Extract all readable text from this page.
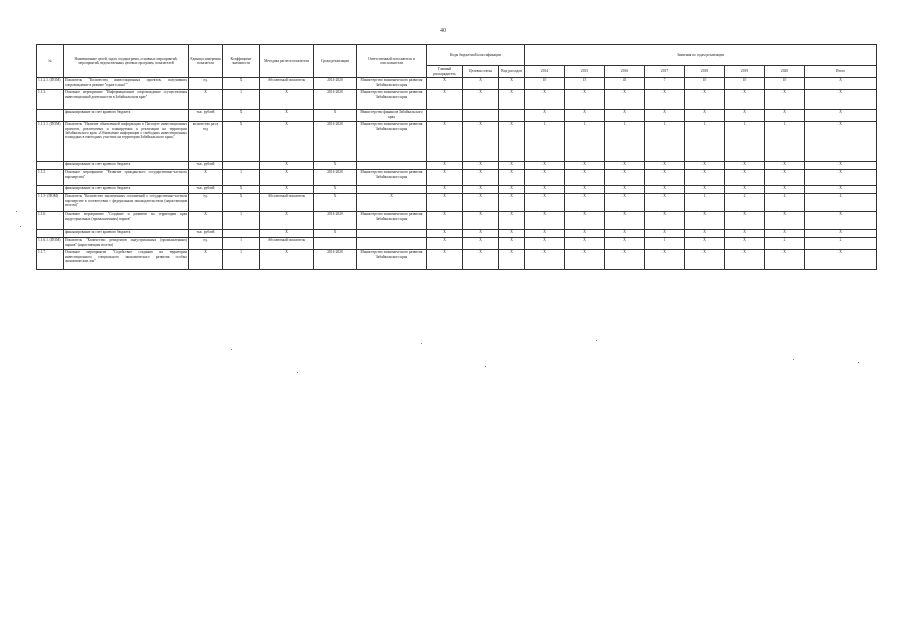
40
№	Наименование целей, задач, подпрограмм, основных мероприятий, мероприятий, ведомственных целевых программ, показателей	Единица измерения показателя	Коэффициент значимости	Методика расчета показателя	Сроки реализации	Ответственный исполнитель и соисполнители	Коды бюджетной классификации			Значения по годам реализации							
							Главный распорядитель	Целевая статья	Вид расходов	2014	2015	2016	2017	2018	2019	2020	Итого
1.1.2.1. (ПОМ)	Показатель "Количество инвестиционных проектов, получивших сопровождение в режиме "одного окна""	ед.	Х	Абсолютный показатель	2014-2020	Министерство экономического развития Забайкальского края	Х	Х	Х	10	15	45	7	10	10	10	Х
1.1.3.	Основное мероприятие "Информационное сопровождение осуществления инвестиционной деятельности в Забайкальском крае"	Х	1	Х	2014-2020	Министерство экономического развития Забайкальского края	Х	Х	Х	Х	Х	Х	Х	Х	Х	Х	Х
	финансирование за счет краевого бюджета	тыс. рублей	Х	Х	Х	Министерство финансов Забайкальского края				Х	Х	Х	Х	Х	Х	Х	Х
1.1.3.1. (ПОМ)	Показатель "Наличие обновленной информации в Паспорте инвестиционных проектов, реализуемых и планируемых к реализации на территории Забайкальского края. «Обновление информации о свободных инвестиционных площадках в ежегодных участиях на территории Забайкальского края»"	количество раз в год	Х	Х	2014-2020	Министерство экономического развития Забайкальского края	Х	Х	Х	1	1	1	1	1	1	1	Х
	финансирование за счет краевого бюджета	тыс. рублей		Х	Х		Х	Х	Х	Х	Х	Х	Х	Х	Х	Х	Х
1.1.5.	Основное мероприятие "Развитие гражданского государственно-частного партнерства"	Х	1	Х	2014-2020	Министерство экономического развития Забайкальского края	Х	Х	Х	Х	Х	Х	Х	Х	Х	Х	Х
	финансирование за счет краевого бюджета	тыс. рублей	Х	Х	Х		Х	Х	Х	Х	Х	Х	Х	Х	Х	Х	Х
1.1.5- (ПОМ)	Показатель "Количество заключенных соглашений о государственно-частном партнерстве в соответствии с федеральным законодательством (нарастающим итогом)"	ед.	Х	Абсолютный показатель	Х	Х	Х	Х	Х	Х	Х	Х	Х	1	2	4	4
1.1.6.	Основное мероприятие "Создание и развитие на территории края индустриальных (промышленных) парков"	Х	1	Х	2014-2020	Министерство экономического развития Забайкальского края	Х	Х	Х	Х	Х	Х	Х	Х	Х	Х	Х
	финансирование за счет краевого бюджета	тыс. рублей		Х	Х		Х	Х	Х	Х	Х	Х	Х	Х	Х	Х	Х
1.1.6.1. (ПОМ)	Показатель "Количество резидентов индустриальных (промышленных) парков" (нарастающим итогом)	ед.	1	Абсолютный показатель			Х	Х	Х	Х	Х	Х	1	Х	Х	2	2
1.1.7.	Основное мероприятие "Содействие созданию на территории инвестиционного специального экономического развития особых экономических зон"	Х	1	Х	2014-2020	Министерство экономического развития Забайкальского края	Х	Х	Х	Х	Х	Х	Х	Х	Х	Х	Х
